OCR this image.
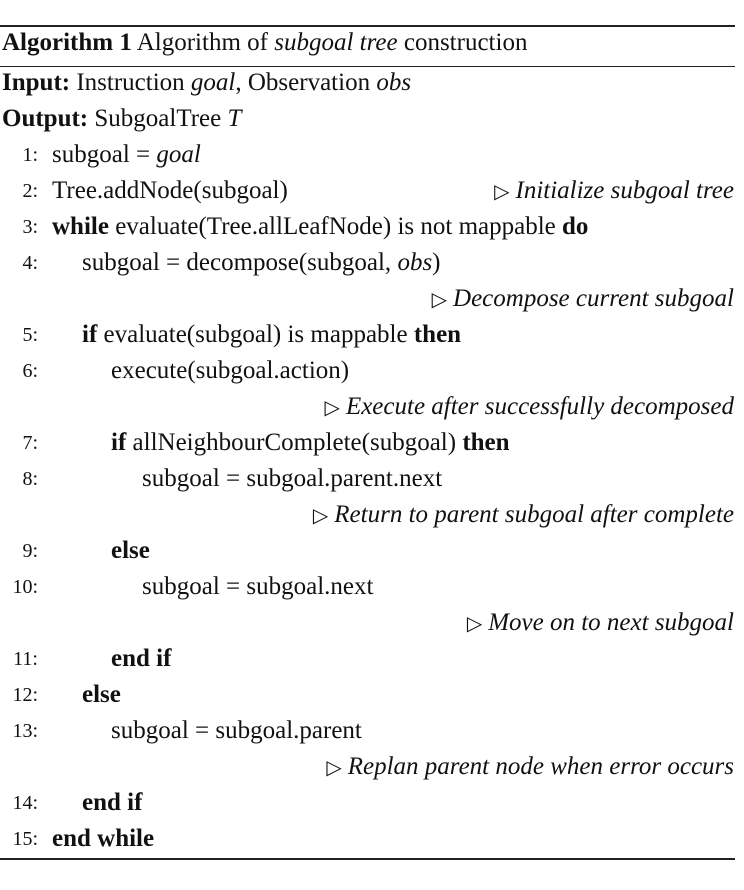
Algorithm 1 Algorithm of subgoal tree construction
Input: Instruction goal, Observation obs
Output: SubgoalTree T
1: subgoal = goal
2: Tree.addNode(subgoal)	▷ Initialize subgoal tree
3: while evaluate(Tree.allLeafNode) is not mappable do
4: subgoal = decompose(subgoal, obs)
▷ Decompose current subgoal
5: if evaluate(subgoal) is mappable then
6:	execute(subgoal.action)
▷ Execute after successfully decomposed
7:	if allNeighbourComplete(subgoal) then
8:	subgoal = subgoal.parent.next
▷ Return to parent subgoal after complete
9:	else
10:	subgoal = subgoal.next
▷ Move on to next subgoal
11:	end if
12: else
13:	subgoal = subgoal.parent
▷ Replan parent node when error occurs
14: end if
15: end while
